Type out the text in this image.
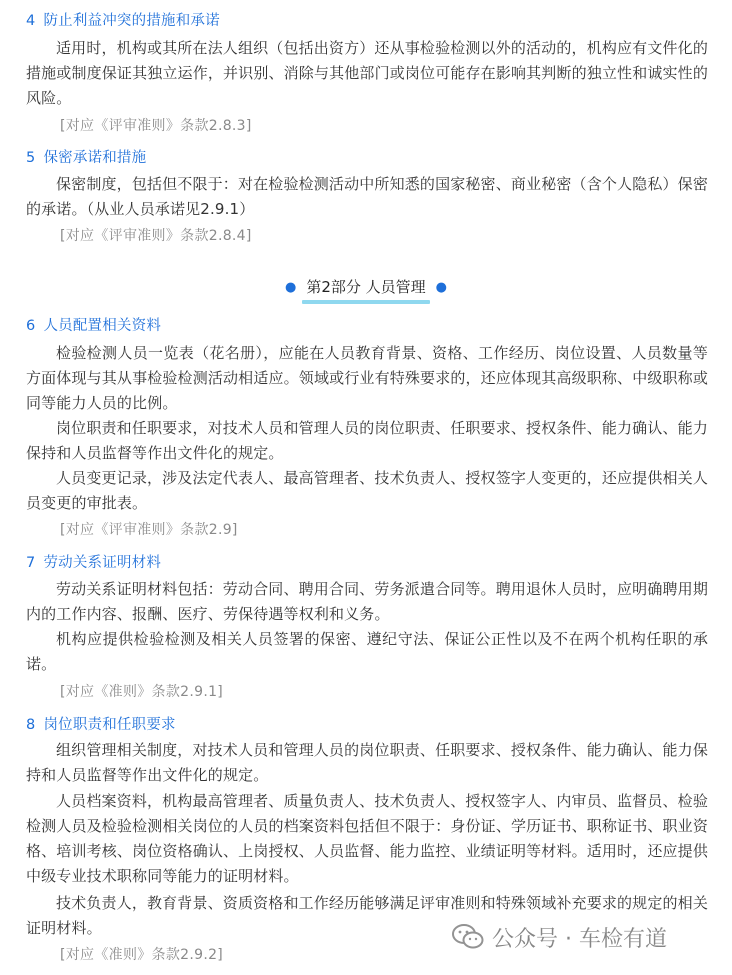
4 防止利益冲突的措施和承诺
适用时，机构或其所在法人组织（包括出资方）还从事检验检测以外的活动的，机构应有文件化的措施或制度保证其独立运作，并识别、消除与其他部门或岗位可能存在影响其判断的独立性和诚实性的风险。
[对应《评审准则》条款2.8.3]
5 保密承诺和措施
保密制度，包括但不限于：对在检验检测活动中所知悉的国家秘密、商业秘密（含个人隐私）保密的承诺。（从业人员承诺见2.9.1）
[对应《评审准则》条款2.8.4]
● 第2部分 人员管理 ●
6 人员配置相关资料
检验检测人员一览表（花名册），应能在人员教育背景、资格、工作经历、岗位设置、人员数量等方面体现与其从事检验检测活动相适应。领域或行业有特殊要求的，还应体现其高级职称、中级职称或同等能力人员的比例。
岗位职责和任职要求，对技术人员和管理人员的岗位职责、任职要求、授权条件、能力确认、能力保持和人员监督等作出文件化的规定。
人员变更记录，涉及法定代表人、最高管理者、技术负责人、授权签字人变更的，还应提供相关人员变更的审批表。
[对应《评审准则》条款2.9]
7 劳动关系证明材料
劳动关系证明材料包括：劳动合同、聘用合同、劳务派遣合同等。聘用退休人员时，应明确聘用期内的工作内容、报酬、医疗、劳保待遇等权利和义务。
机构应提供检验检测及相关人员签署的保密、遵纪守法、保证公正性以及不在两个机构任职的承诺。
[对应《准则》条款2.9.1]
8 岗位职责和任职要求
组织管理相关制度，对技术人员和管理人员的岗位职责、任职要求、授权条件、能力确认、能力保持和人员监督等作出文件化的规定。
人员档案资料，机构最高管理者、质量负责人、技术负责人、授权签字人、内审员、监督员、检验检测人员及检验检测相关岗位的人员的档案资料包括但不限于：身份证、学历证书、职称证书、职业资格、培训考核、岗位资格确认、上岗授权、人员监督、能力监控、业绩证明等材料。适用时，还应提供中级专业技术职称同等能力的证明材料。
技术负责人，教育背景、资质资格和工作经历能够满足评审准则和特殊领域补充要求的规定的相关证明材料。
[对应《准则》条款2.9.2]
公众号 · 车检有道
